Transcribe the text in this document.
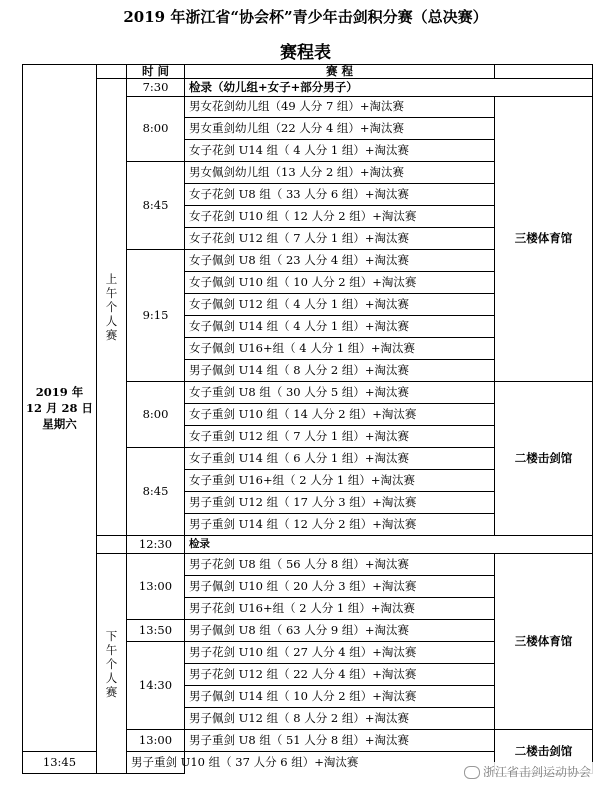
2019 年浙江省“协会杯”青少年击剑积分赛（总决赛）
赛程表
2019 年
12 月 28 日
星期六		时 间	赛 程	
	上午个人赛	7:30	检录（幼儿组+女子+部分男子）	
		8:00	男女花剑幼儿组（49 人分 7 组）+淘汰赛	三楼体育馆
			男女重剑幼儿组（22 人分 4 组）+淘汰赛	
			女子花剑 U14 组（ 4 人分 1 组）+淘汰赛	
		8:45	男女佩剑幼儿组（13 人分 2 组）+淘汰赛	
			女子花剑 U8 组（ 33 人分 6 组）+淘汰赛	
			女子花剑 U10 组（ 12 人分 2 组）+淘汰赛	
			女子花剑 U12 组（ 7 人分 1 组）+淘汰赛	
		9:15	女子佩剑 U8 组（ 23 人分 4 组）+淘汰赛	
			女子佩剑 U10 组（ 10 人分 2 组）+淘汰赛	
			女子佩剑 U12 组（ 4 人分 1 组）+淘汰赛	
			女子佩剑 U14 组（ 4 人分 1 组）+淘汰赛	
			女子佩剑 U16+组（ 4 人分 1 组）+淘汰赛	
			男子佩剑 U14 组（ 8 人分 2 组）+淘汰赛	
		8:00	女子重剑 U8 组（ 30 人分 5 组）+淘汰赛	二楼击剑馆
			女子重剑 U10 组（ 14 人分 2 组）+淘汰赛	
			女子重剑 U12 组（ 7 人分 1 组）+淘汰赛	
		8:45	女子重剑 U14 组（ 6 人分 1 组）+淘汰赛	
			女子重剑 U16+组（ 2 人分 1 组）+淘汰赛	
			男子重剑 U12 组（ 17 人分 3 组）+淘汰赛	
			男子重剑 U14 组（ 12 人分 2 组）+淘汰赛	
		12:30	检录	
	下午个人赛	13:00	男子花剑 U8 组（ 56 人分 8 组）+淘汰赛	三楼体育馆
			男子佩剑 U10 组（ 20 人分 3 组）+淘汰赛	
			男子花剑 U16+组（ 2 人分 1 组）+淘汰赛	
		13:50	男子佩剑 U8 组（ 63 人分 9 组）+淘汰赛	
		14:30	男子花剑 U10 组（ 27 人分 4 组）+淘汰赛	
			男子花剑 U12 组（ 22 人分 4 组）+淘汰赛	
			男子佩剑 U14 组（ 10 人分 2 组）+淘汰赛	
			男子佩剑 U12 组（ 8 人分 2 组）+淘汰赛	
		13:00	男子重剑 U8 组（ 51 人分 8 组）+淘汰赛	二楼击剑馆
13:45		男子重剑 U10 组（ 37 人分 6 组）+淘汰赛		
浙江省击剑运动协会
